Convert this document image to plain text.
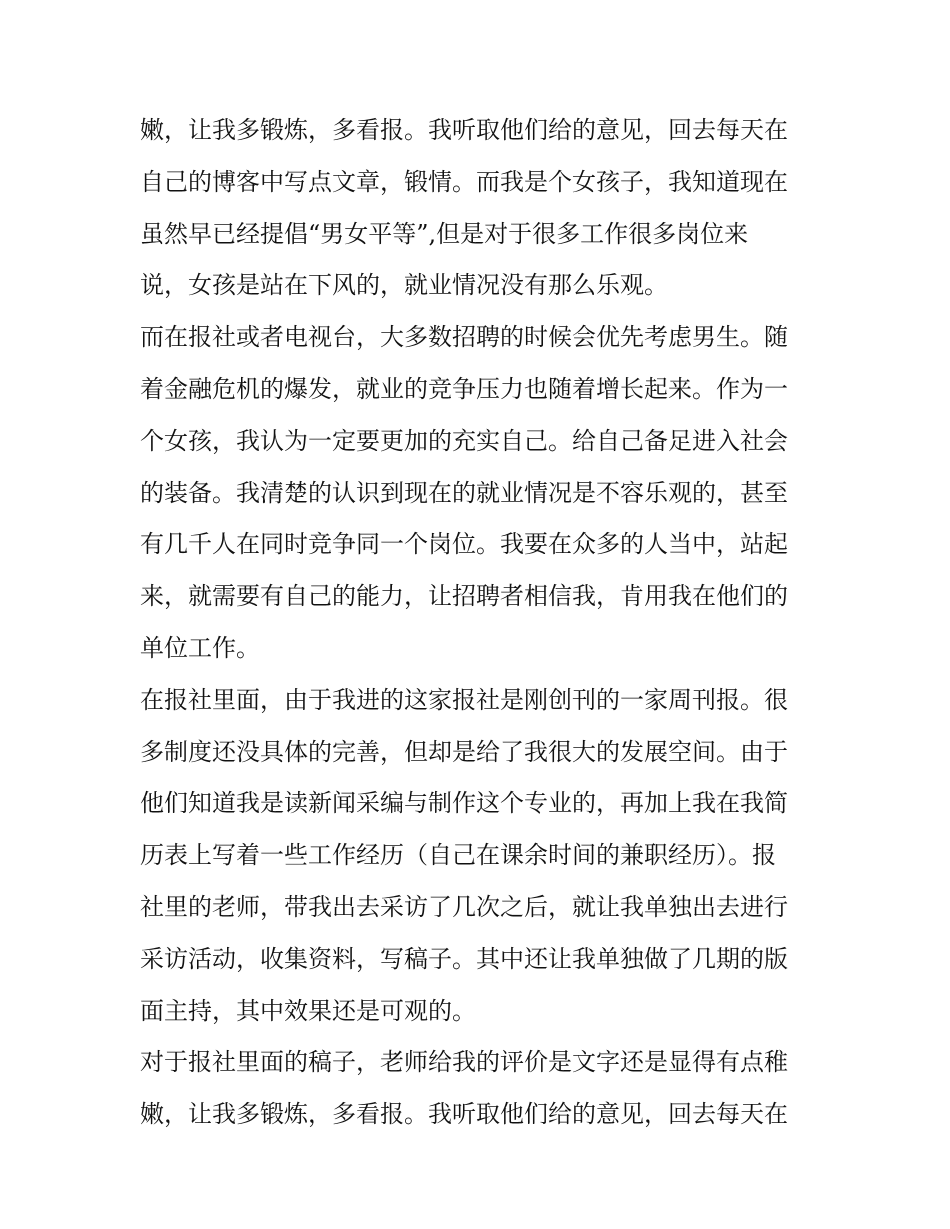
嫩，让我多锻炼，多看报。我听取他们给的意见，回去每天在
自己的博客中写点文章，锻情。而我是个女孩子，我知道现在
虽然早已经提倡“男女平等”,但是对于很多工作很多岗位来
说，女孩是站在下风的，就业情况没有那么乐观。
而在报社或者电视台，大多数招聘的时候会优先考虑男生。随
着金融危机的爆发，就业的竞争压力也随着增长起来。作为一
个女孩，我认为一定要更加的充实自己。给自己备足进入社会
的装备。我清楚的认识到现在的就业情况是不容乐观的，甚至
有几千人在同时竞争同一个岗位。我要在众多的人当中，站起
来，就需要有自己的能力，让招聘者相信我，肯用我在他们的
单位工作。
在报社里面，由于我进的这家报社是刚创刊的一家周刊报。很
多制度还没具体的完善，但却是给了我很大的发展空间。由于
他们知道我是读新闻采编与制作这个专业的，再加上我在我简
历表上写着一些工作经历（自己在课余时间的兼职经历）。报
社里的老师，带我出去采访了几次之后，就让我单独出去进行
采访活动，收集资料，写稿子。其中还让我单独做了几期的版
面主持，其中效果还是可观的。
对于报社里面的稿子，老师给我的评价是文字还是显得有点稚
嫩，让我多锻炼，多看报。我听取他们给的意见，回去每天在
